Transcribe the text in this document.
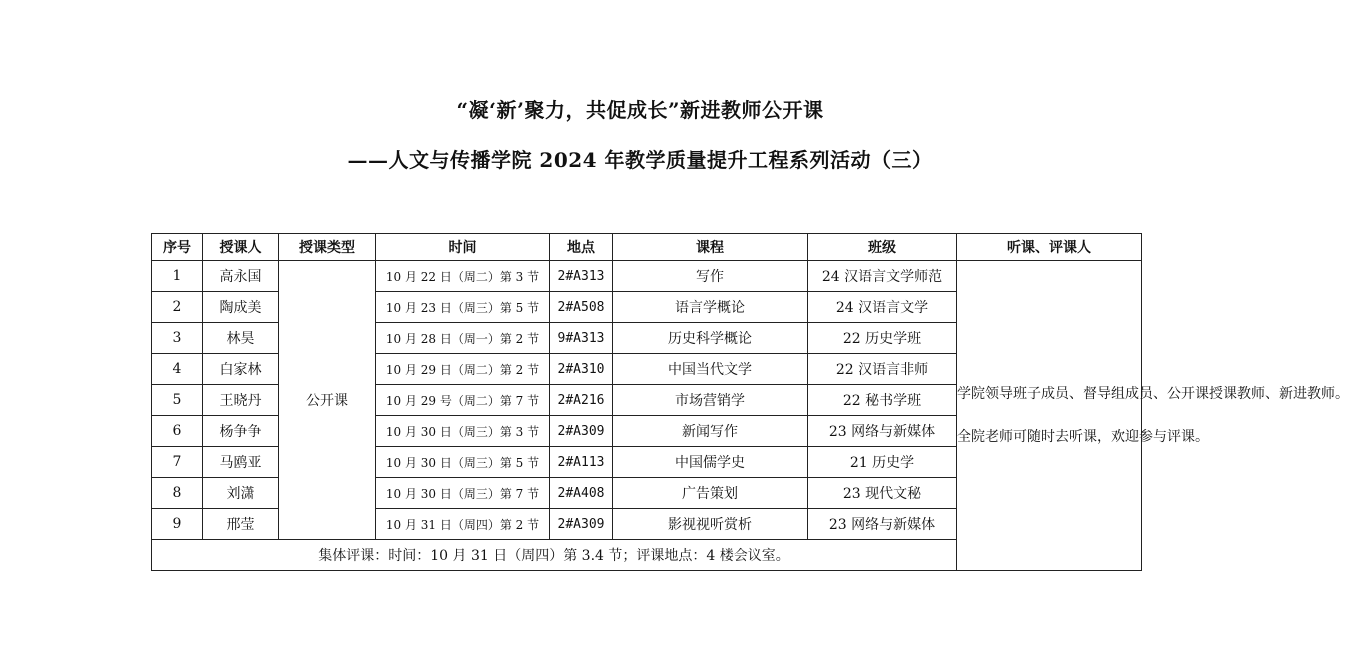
“凝‘新’聚力，共促成长”新进教师公开课
——人文与传播学院 2024 年教学质量提升工程系列活动（三）
序号	授课人	授课类型	时间	地点	课程	班级	听课、评课人
1	高永国	公开课	10 月 22 日（周二）第 3 节	2#A313	写作	24 汉语言文学师范	学院领导班子成员、督导组成员、公开课授课教师、新进教师。

全院老师可随时去听课，欢迎参与评课。

2	陶成美		10 月 23 日（周三）第 5 节	2#A508	语言学概论	24 汉语言文学	
3	林昊		10 月 28 日（周一）第 2 节	9#A313	历史科学概论	22 历史学班	
4	白家林		10 月 29 日（周二）第 2 节	2#A310	中国当代文学	22 汉语言非师	
5	王晓丹		10 月 29 号（周二）第 7 节	2#A216	市场营销学	22 秘书学班	
6	杨争争		10 月 30 日（周三）第 3 节	2#A309	新闻写作	23 网络与新媒体	
7	马鸥亚		10 月 30 日（周三）第 5 节	2#A113	中国儒学史	21 历史学	
8	刘潇		10 月 30 日（周三）第 7 节	2#A408	广告策划	23 现代文秘	
9	邢莹		10 月 31 日（周四）第 2 节	2#A309	影视视听赏析	23 网络与新媒体	
集体评课：时间：10 月 31 日（周四）第 3.4 节；评课地点：4 楼会议室。							
